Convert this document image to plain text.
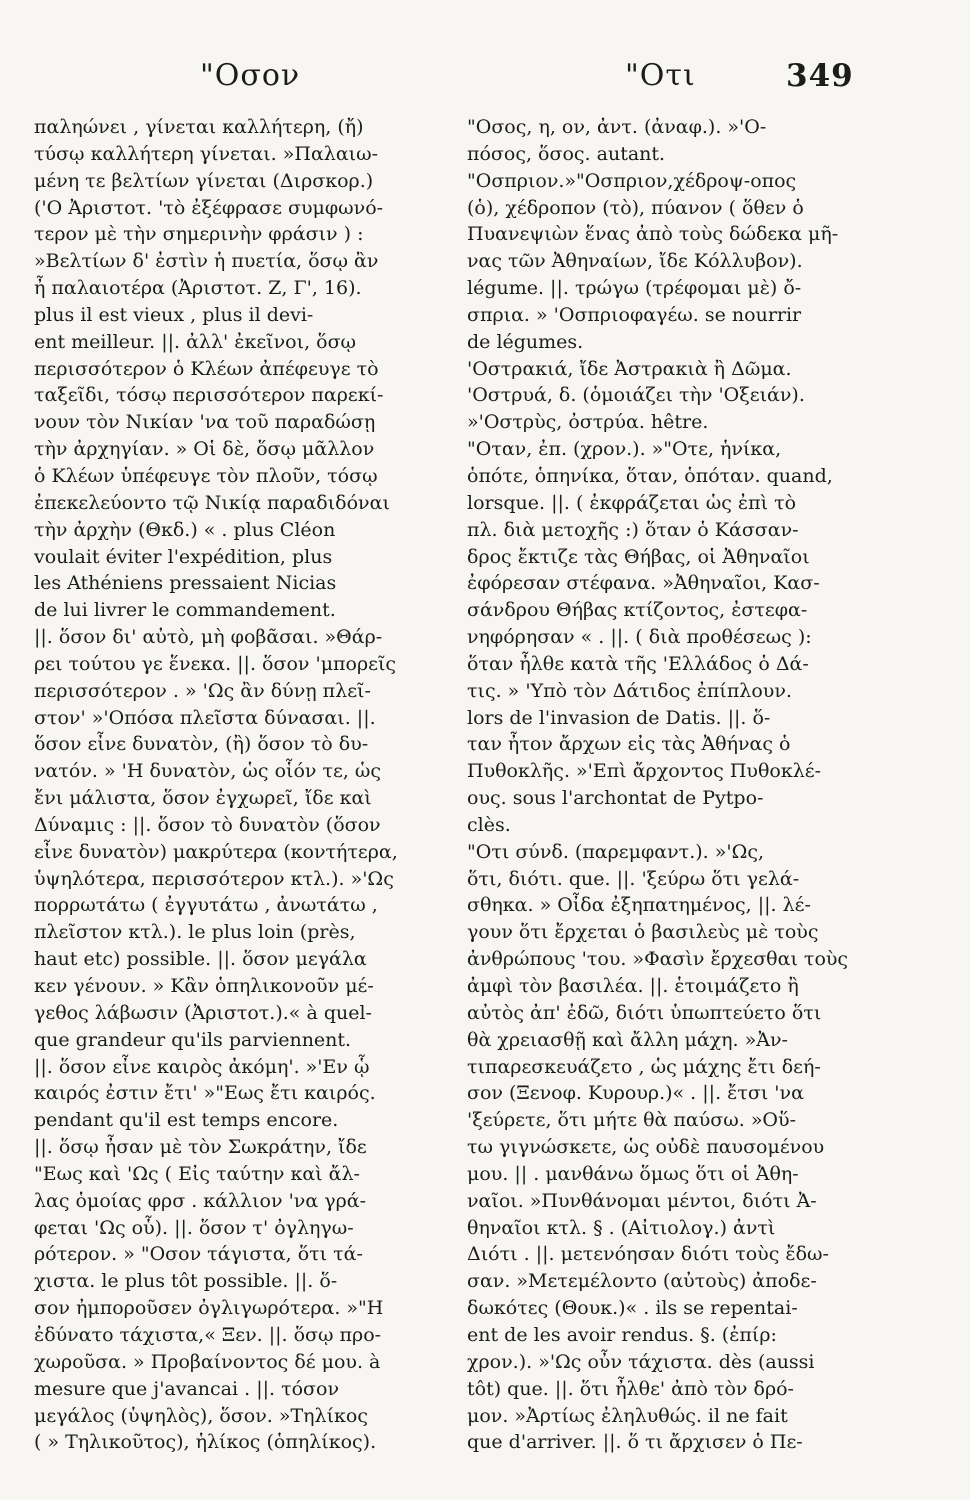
"Οσον	"Οτι	349
παληώνει , γίνεται καλλήτερη, (ἤ)
τύσῳ καλλήτερη γίνεται. »Παλαιω-
μένη τε βελτίων γίνεται (Διρσκορ.)
('Ο Ἀριστοτ. 'τὸ ἐξέφρασε συμφωνό-
τερον μὲ τὴν σημερινὴν φράσιν ) :
»Βελτίων δ' ἐστὶν ἡ πυετία, ὅσῳ ἂν
ἦ παλαιοτέρα (Ἀριστοτ. Ζ, Γ', 16).
plus il est vieux , plus il devi-
ent meilleur. ||. ἀλλ' ἐκεῖνοι, ὅσῳ
περισσότερον ὁ Κλέων ἀπέφευγε τὸ
ταξεῖδι, τόσῳ περισσότερον παρεκί-
νουν τὸν Νικίαν 'να τοῦ παραδώσῃ
τὴν ἀρχηγίαν. » Οἱ δὲ, ὅσῳ μᾶλλον
ὁ Κλέων ὑπέφευγε τὸν πλοῦν, τόσῳ
ἐπεκελεύοντο τῷ Νικίᾳ παραδιδόναι
τὴν ἀρχὴν (Θκδ.) « . plus Cléon
voulait éviter l'expédition, plus
les Athéniens pressaient Nicias
de lui livrer le commandement.
||. ὅσον δι' αὐτὸ, μὴ φοβᾶσαι. »Θάρ-
ρει τούτου γε ἕνεκα. ||. ὅσον 'μπορεῖς
περισσότερον . » 'Ως ἂν δύνῃ πλεῖ-
στον' »'Οπόσα πλεῖστα δύνασαι. ||.
ὅσον εἶνε δυνατὸν, (ἢ) ὅσον τὸ δυ-
νατόν. » 'Η δυνατὸν, ὡς οἷόν τε, ὡς
ἔνι μάλιστα, ὅσον ἐγχωρεῖ, ἴδε καὶ
Δύναμις : ||. ὅσον τὸ δυνατὸν (ὅσον
εἶνε δυνατὸν) μακρύτερα (κοντήτερα,
ὑψηλότερα, περισσότερον κτλ.). »'Ως
πορρωτάτω ( ἐγγυτάτω , ἀνωτάτω ,
πλεῖστον κτλ.). le plus loin (près,
haut etc) possible. ||. ὅσον μεγάλα
κεν γένουν. » Κἂν ὁπηλικονοῦν μέ-
γεθος λάβωσιν (Ἀριστοτ.).« à quel-
que grandeur qu'ils parviennent.
||. ὅσον εἶνε καιρὸς ἀκόμη'. »'Εν ᾧ
καιρός ἐστιν ἔτι' »"Εως ἔτι καιρός.
pendant qu'il est temps encore.
||. ὅσῳ ἦσαν μὲ τὸν Σωκράτην, ἴδε
"Εως καὶ 'Ως ( Εἰς ταύτην καὶ ἄλ-
λας ὁμοίας φρσ . κάλλιον 'να γρά-
φεται 'Ως οὗ). ||. ὅσον τ' ὀγληγω-
ρότερον. » "Οσον τάγιστα, ὅτι τά-
χιστα. le plus tôt possible. ||. ὅ-
σον ἠμποροῦσεν ὀγλιγωρότερα. »"Η
ἐδύνατο τάχιστα,« Ξεν. ||. ὅσῳ προ-
χωροῦσα. » Προβαίνοντος δέ μου. à
mesure que j'avancai . ||. τόσον
μεγάλος (ὑψηλὸς), ὅσον. »Τηλίκος
( » Τηλικοῦτος), ἡλίκος (ὁπηλίκος).
"Οσος, η, ον, ἀντ. (ἀναφ.). »'Ο-
πόσος, ὅσος. autant.
"Οσπριον.»"Οσπριον,χέδροψ-οπος
(ὁ), χέδροπον (τὸ), πύανον ( ὅθεν ὁ
Πυανεψιὼν ἕνας ἀπὸ τοὺς δώδεκα μῆ-
νας τῶν Ἀθηναίων, ἴδε Κόλλυβον).
légume. ||. τρώγω (τρέφομαι μὲ) ὄ-
σπρια. » 'Οσπριοφαγέω. se nourrir
de légumes.
'Οστρακιά, ἴδε Ἀστρακιὰ ἢ Δῶμα.
'Οστρυά, δ. (ὁμοιάζει τὴν 'Οξειάν).
»'Οστρὺς, ὀστρύα. hêtre.
"Οταν, ἐπ. (χρον.). »"Οτε, ἡνίκα,
ὁπότε, ὁπηνίκα, ὅταν, ὁπόταν. quand,
lorsque. ||. ( ἐκφράζεται ὡς ἐπὶ τὸ
πλ. διὰ μετοχῆς :) ὅταν ὁ Κάσσαν-
δρος ἔκτιζε τὰς Θήβας, οἱ Ἀθηναῖοι
ἐφόρεσαν στέφανα. »Ἀθηναῖοι, Κασ-
σάνδρου Θήβας κτίζοντος, ἐστεφα-
νηφόρησαν « . ||. ( διὰ προθέσεως ):
ὅταν ἦλθε κατὰ τῆς 'Ελλάδος ὁ Δά-
τις. » 'Υπὸ τὸν Δάτιδος ἐπίπλουν.
lors de l'invasion de Datis. ||. ὅ-
ταν ἦτον ἄρχων εἰς τὰς Ἀθήνας ὁ
Πυθοκλῆς. »'Επὶ ἄρχοντος Πυθοκλέ-
ους. sous l'archontat de Pytpo-
clès.
"Οτι σύνδ. (παρεμφαντ.). »'Ως,
ὅτι, διότι. que. ||. 'ξεύρω ὅτι γελά-
σθηκα. » Οἶδα ἐξηπατημένος, ||. λέ-
γουν ὅτι ἔρχεται ὁ βασιλεὺς μὲ τοὺς
ἀνθρώπους 'του. »Φασὶν ἔρχεσθαι τοὺς
ἀμφὶ τὸν βασιλέα. ||. ἑτοιμάζετο ἢ
αὐτὸς ἀπ' ἐδῶ, διότι ὑπωπτεύετο ὅτι
θὰ χρειασθῇ καὶ ἄλλη μάχη. »Ἀν-
τιπαρεσκευάζετο , ὡς μάχης ἔτι δεή-
σον (Ξενοφ. Κυρουρ.)« . ||. ἔτσι 'να
'ξεύρετε, ὅτι μήτε θὰ παύσω. »Οὕ-
τω γιγνώσκετε, ὡς οὐδὲ παυσομένου
μου. || . μανθάνω ὅμως ὅτι οἱ Ἀθη-
ναῖοι. »Πυνθάνομαι μέντοι, διότι Ἀ-
θηναῖοι κτλ. § . (Αἰτιολογ.) ἀντὶ
Διότι . ||. μετενόησαν διότι τοὺς ἔδω-
σαν. »Μετεμέλοντο (αὐτοὺς) ἀποδε-
δωκότες (Θουκ.)« . ils se repentai-
ent de les avoir rendus. §. (ἐπίρ:
χρον.). »'Ως οὖν τάχιστα. dès (aussi
tôt) que. ||. ὅτι ἦλθε' ἀπὸ τὸν δρό-
μον. »Ἀρτίως ἐληλυθώς. il ne fait
que d'arriver. ||. ὅ τι ἄρχισεν ὁ Πε-
